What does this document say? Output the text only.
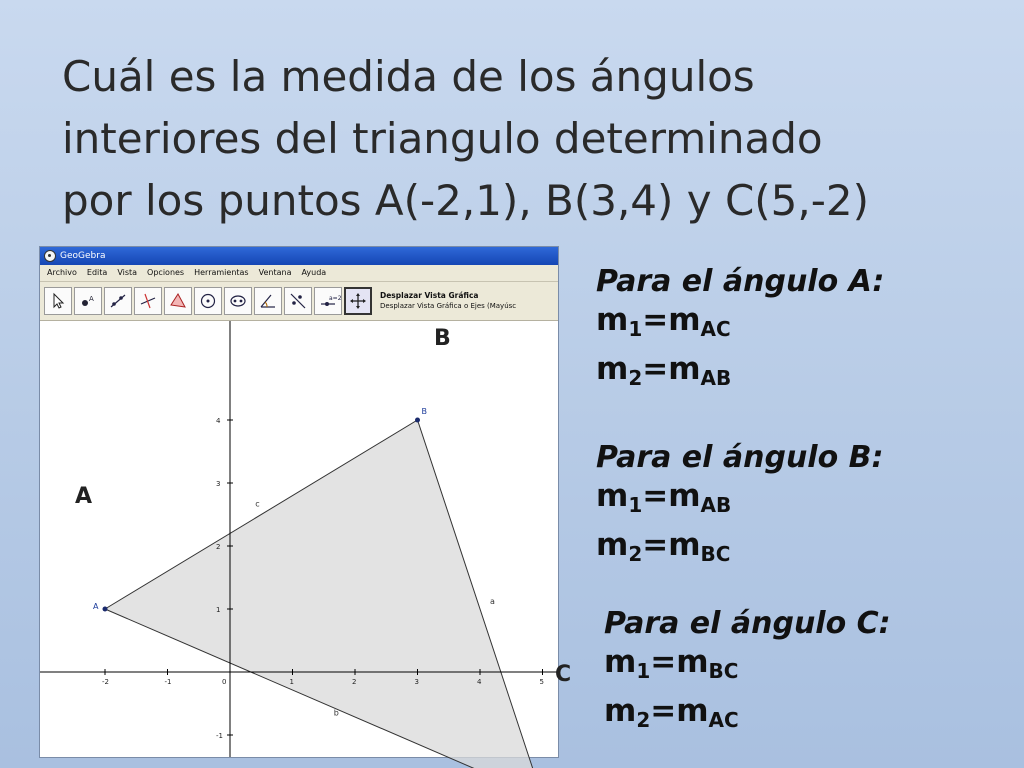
Cuál es la medida de los ángulos
interiores del triangulo determinado
por los puntos A(-2,1), B(3,4) y C(5,-2)
GeoGebra
Archivo	Edita	Vista	Opciones	Herramientas	Ventana	Ayuda
A	a=2	Desplazar Vista Gráfica
Desplazar Vista Gráfica o Ejes (Mayúsc
-2	-1	0	1	2	3	4	5
4
3
2
1
-1
A
B
a
b
c
A
B
C
Para el ángulo A:
$m_1=m_{AC}$
$m_2=m_{AB}$
Para el ángulo B:
$m_1=m_{AB}$
$m_2=m_{BC}$
Para el ángulo C:
$m_1=m_{BC}$
$m_2=m_{AC}$
